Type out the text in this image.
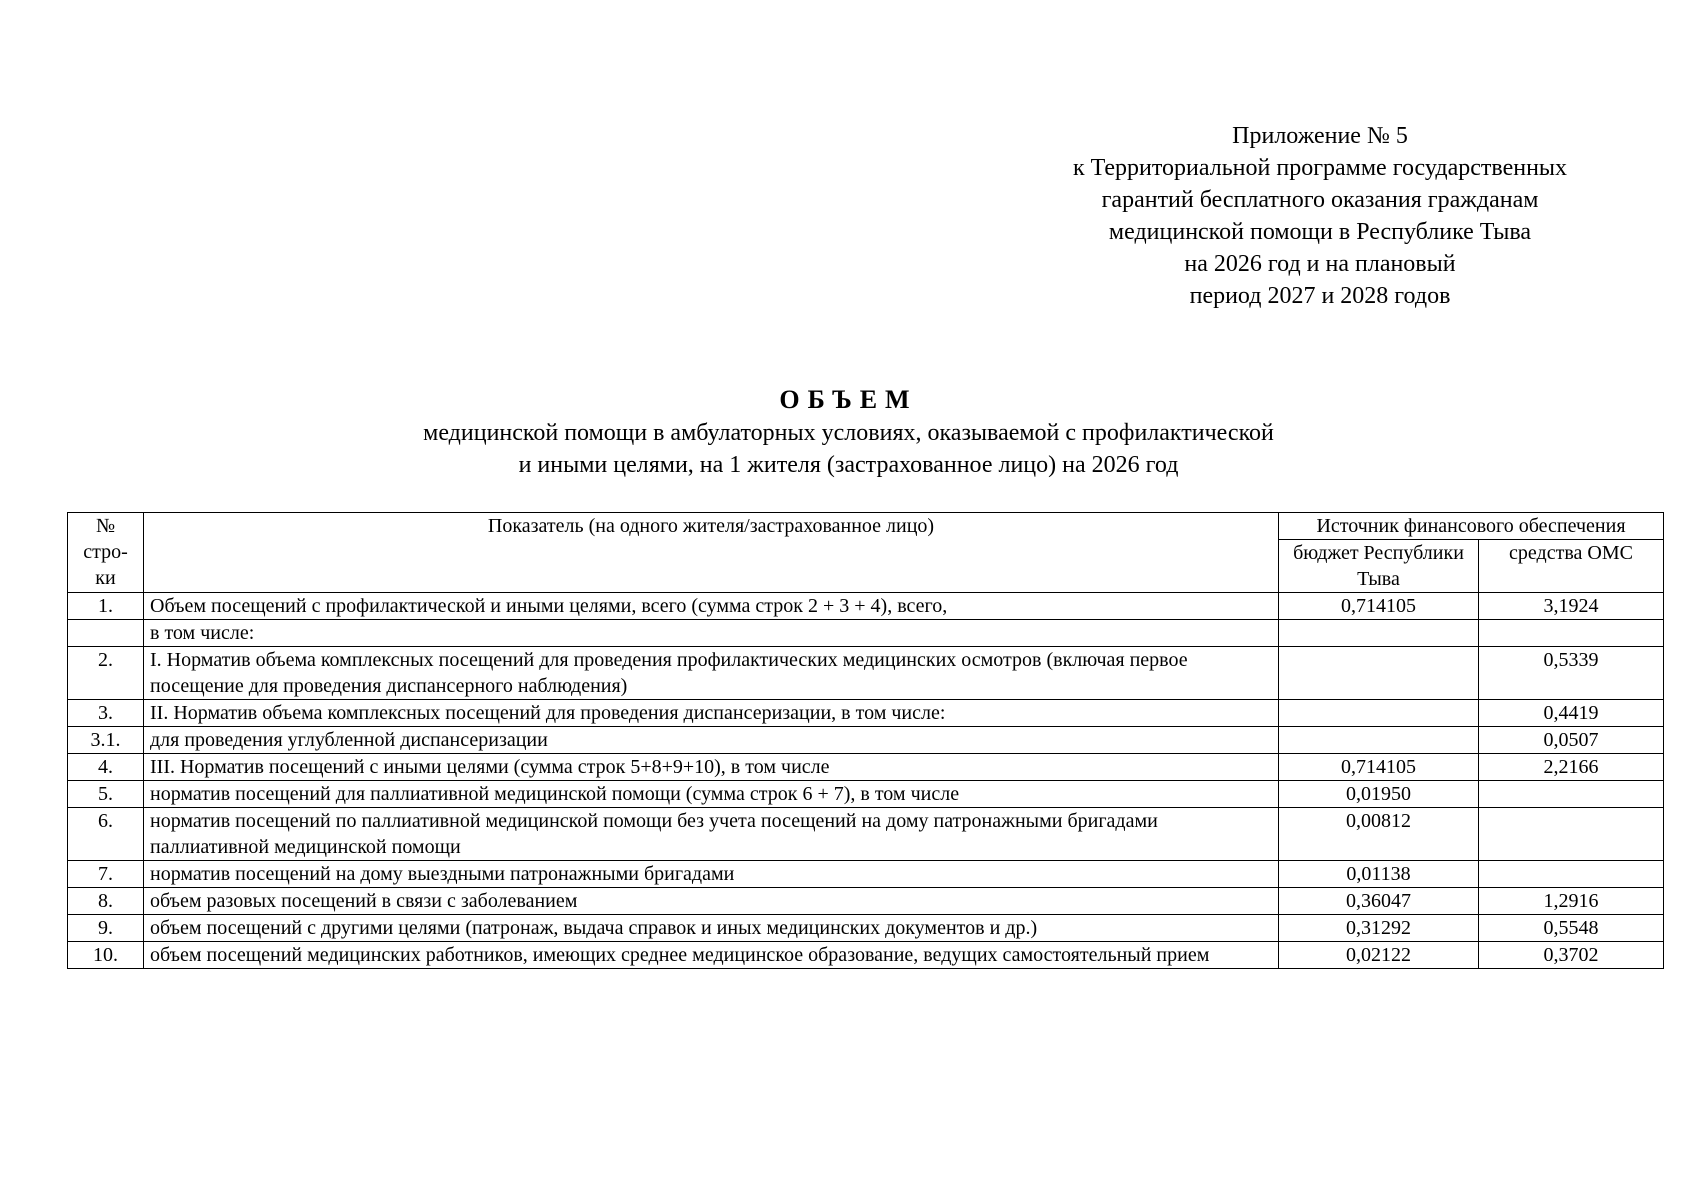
Приложение № 5
к Территориальной программе государственных
гарантий бесплатного оказания гражданам
медицинской помощи в Республике Тыва
на 2026 год и на плановый
период 2027 и 2028 годов
ОБЪЕМ
медицинской помощи в амбулаторных условиях, оказываемой с профилактической
и иными целями, на 1 жителя (застрахованное лицо) на 2026 год
№ стро-ки	Показатель (на одного жителя/застрахованное лицо)	Источник финансового обеспечения	
		бюджет Республики Тыва	средства ОМС
1.	Объем посещений с профилактической и иными целями, всего (сумма строк 2 + 3 + 4), всего,	0,714105	3,1924
	в том числе:		
2.	I. Норматив объема комплексных посещений для проведения профилактических медицинских осмотров (включая первое посещение для проведения диспансерного наблюдения)		0,5339
3.	II. Норматив объема комплексных посещений для проведения диспансеризации, в том числе:		0,4419
3.1.	для проведения углубленной диспансеризации		0,0507
4.	III. Норматив посещений с иными целями (сумма строк 5+8+9+10), в том числе	0,714105	2,2166
5.	норматив посещений для паллиативной медицинской помощи (сумма строк 6 + 7), в том числе	0,01950	
6.	норматив посещений по паллиативной медицинской помощи без учета посещений на дому патронажными бригадами паллиативной медицинской помощи	0,00812	
7.	норматив посещений на дому выездными патронажными бригадами	0,01138	
8.	объем разовых посещений в связи с заболеванием	0,36047	1,2916
9.	объем посещений с другими целями (патронаж, выдача справок и иных медицинских документов и др.)	0,31292	0,5548
10.	объем посещений медицинских работников, имеющих среднее медицинское образование, ведущих самостоятельный прием	0,02122	0,3702
